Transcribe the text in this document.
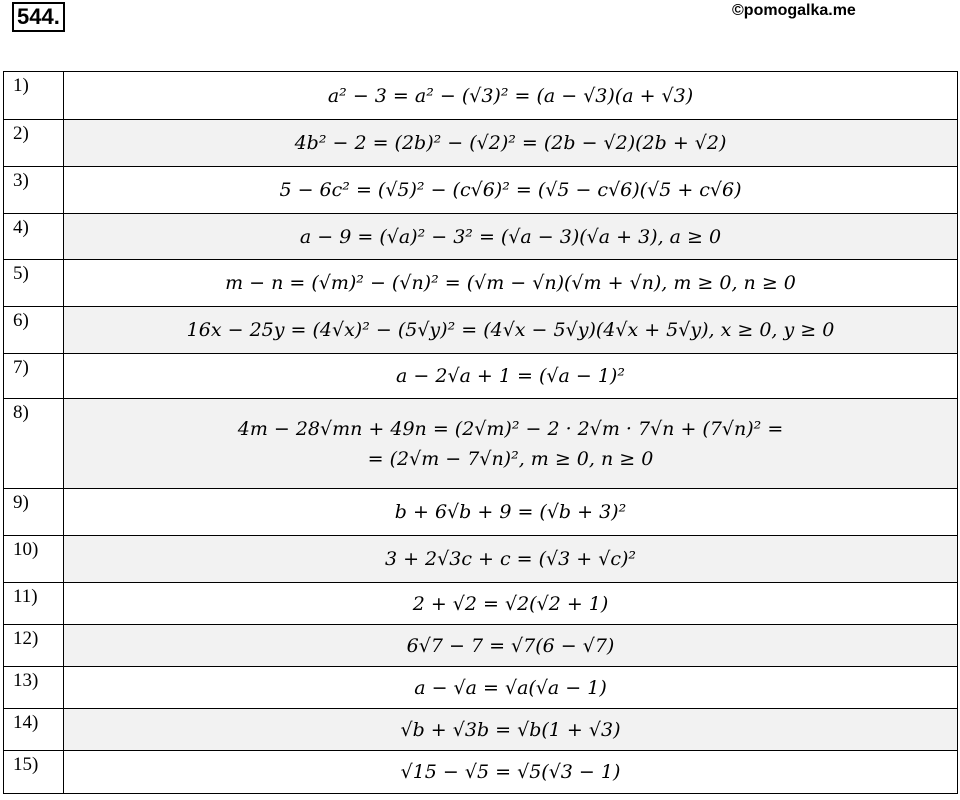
544.	©pomogalka.me
1)	a² − 3 = a² − (√3)² = (a − √3)(a + √3)

2)	4b² − 2 = (2b)² − (√2)² = (2b − √2)(2b + √2)

3)	5 − 6c² = (√5)² − (c√6)² = (√5 − c√6)(√5 + c√6)

4)	a − 9 = (√a)² − 3² = (√a − 3)(√a + 3), a ≥ 0

5)	m − n = (√m)² − (√n)² = (√m − √n)(√m + √n), m ≥ 0, n ≥ 0

6)	16x − 25y = (4√x)² − (5√y)² = (4√x − 5√y)(4√x + 5√y), x ≥ 0, y ≥ 0

7)	a − 2√a + 1 = (√a − 1)²

8)	4m − 28√mn + 49n = (2√m)² − 2 · 2√m · 7√n + (7√n)² =
= (2√m − 7√n)², m ≥ 0, n ≥ 0

9)	b + 6√b + 9 = (√b + 3)²

10)	3 + 2√3c + c = (√3 + √c)²

11)	2 + √2 = √2(√2 + 1)

12)	6√7 − 7 = √7(6 − √7)

13)	a − √a = √a(√a − 1)

14)	√b + √3b = √b(1 + √3)

15)	√15 − √5 = √5(√3 − 1)
